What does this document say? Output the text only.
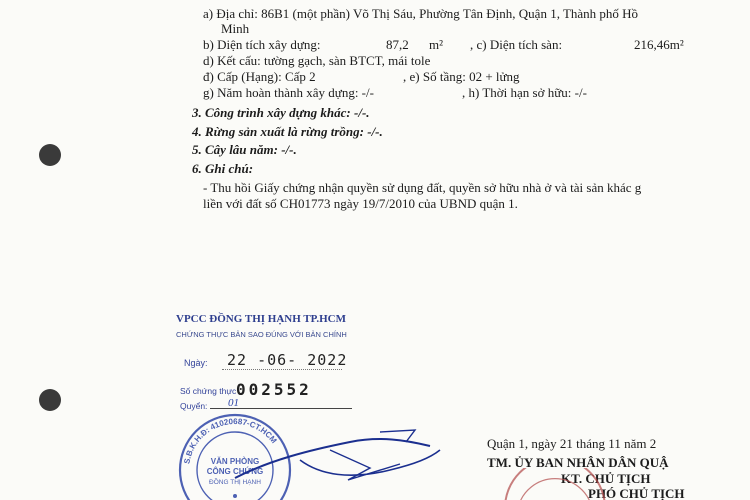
a) Địa chỉ: 86B1 (một phần) Võ Thị Sáu, Phường Tân Định, Quận 1, Thành phố Hồ
Minh
b) Diện tích xây dựng:	87,2 m² , c) Diện tích sàn:	216,46m²
d) Kết cấu: tường gạch, sàn BTCT, mái tole
đ) Cấp (Hạng): Cấp 2	, e) Số tầng: 02 + lửng
g) Năm hoàn thành xây dựng: -/-	, h) Thời hạn sở hữu: -/-
3. Công trình xây dựng khác: -/-.
4. Rừng sản xuất là rừng trồng: -/-.
5. Cây lâu năm: -/-.
6. Ghi chú:
- Thu hồi Giấy chứng nhận quyền sử dụng đất, quyền sở hữu nhà ở và tài sản khác g
liền với đất số CH01773 ngày 19/7/2010 của UBND quận 1.
VPCC ĐỒNG THỊ HẠNH TP.HCM
CHỨNG THỰC BẢN SAO ĐÚNG VỚI BẢN CHÍNH
Ngày: 22 -06- 2022
Số chứng thực 002552
Quyển: 01
S.B.K.H.Đ: 41020687-CT.HCM
VĂN PHÒNG
CÔNG CHỨNG
ĐỒNG THỊ HẠNH
Quận 1, ngày 21 tháng 11 năm 2
TM. ỦY BAN NHÂN DÂN QUẬ
KT. CHỦ TỊCH
PHÓ CHỦ TỊCH
